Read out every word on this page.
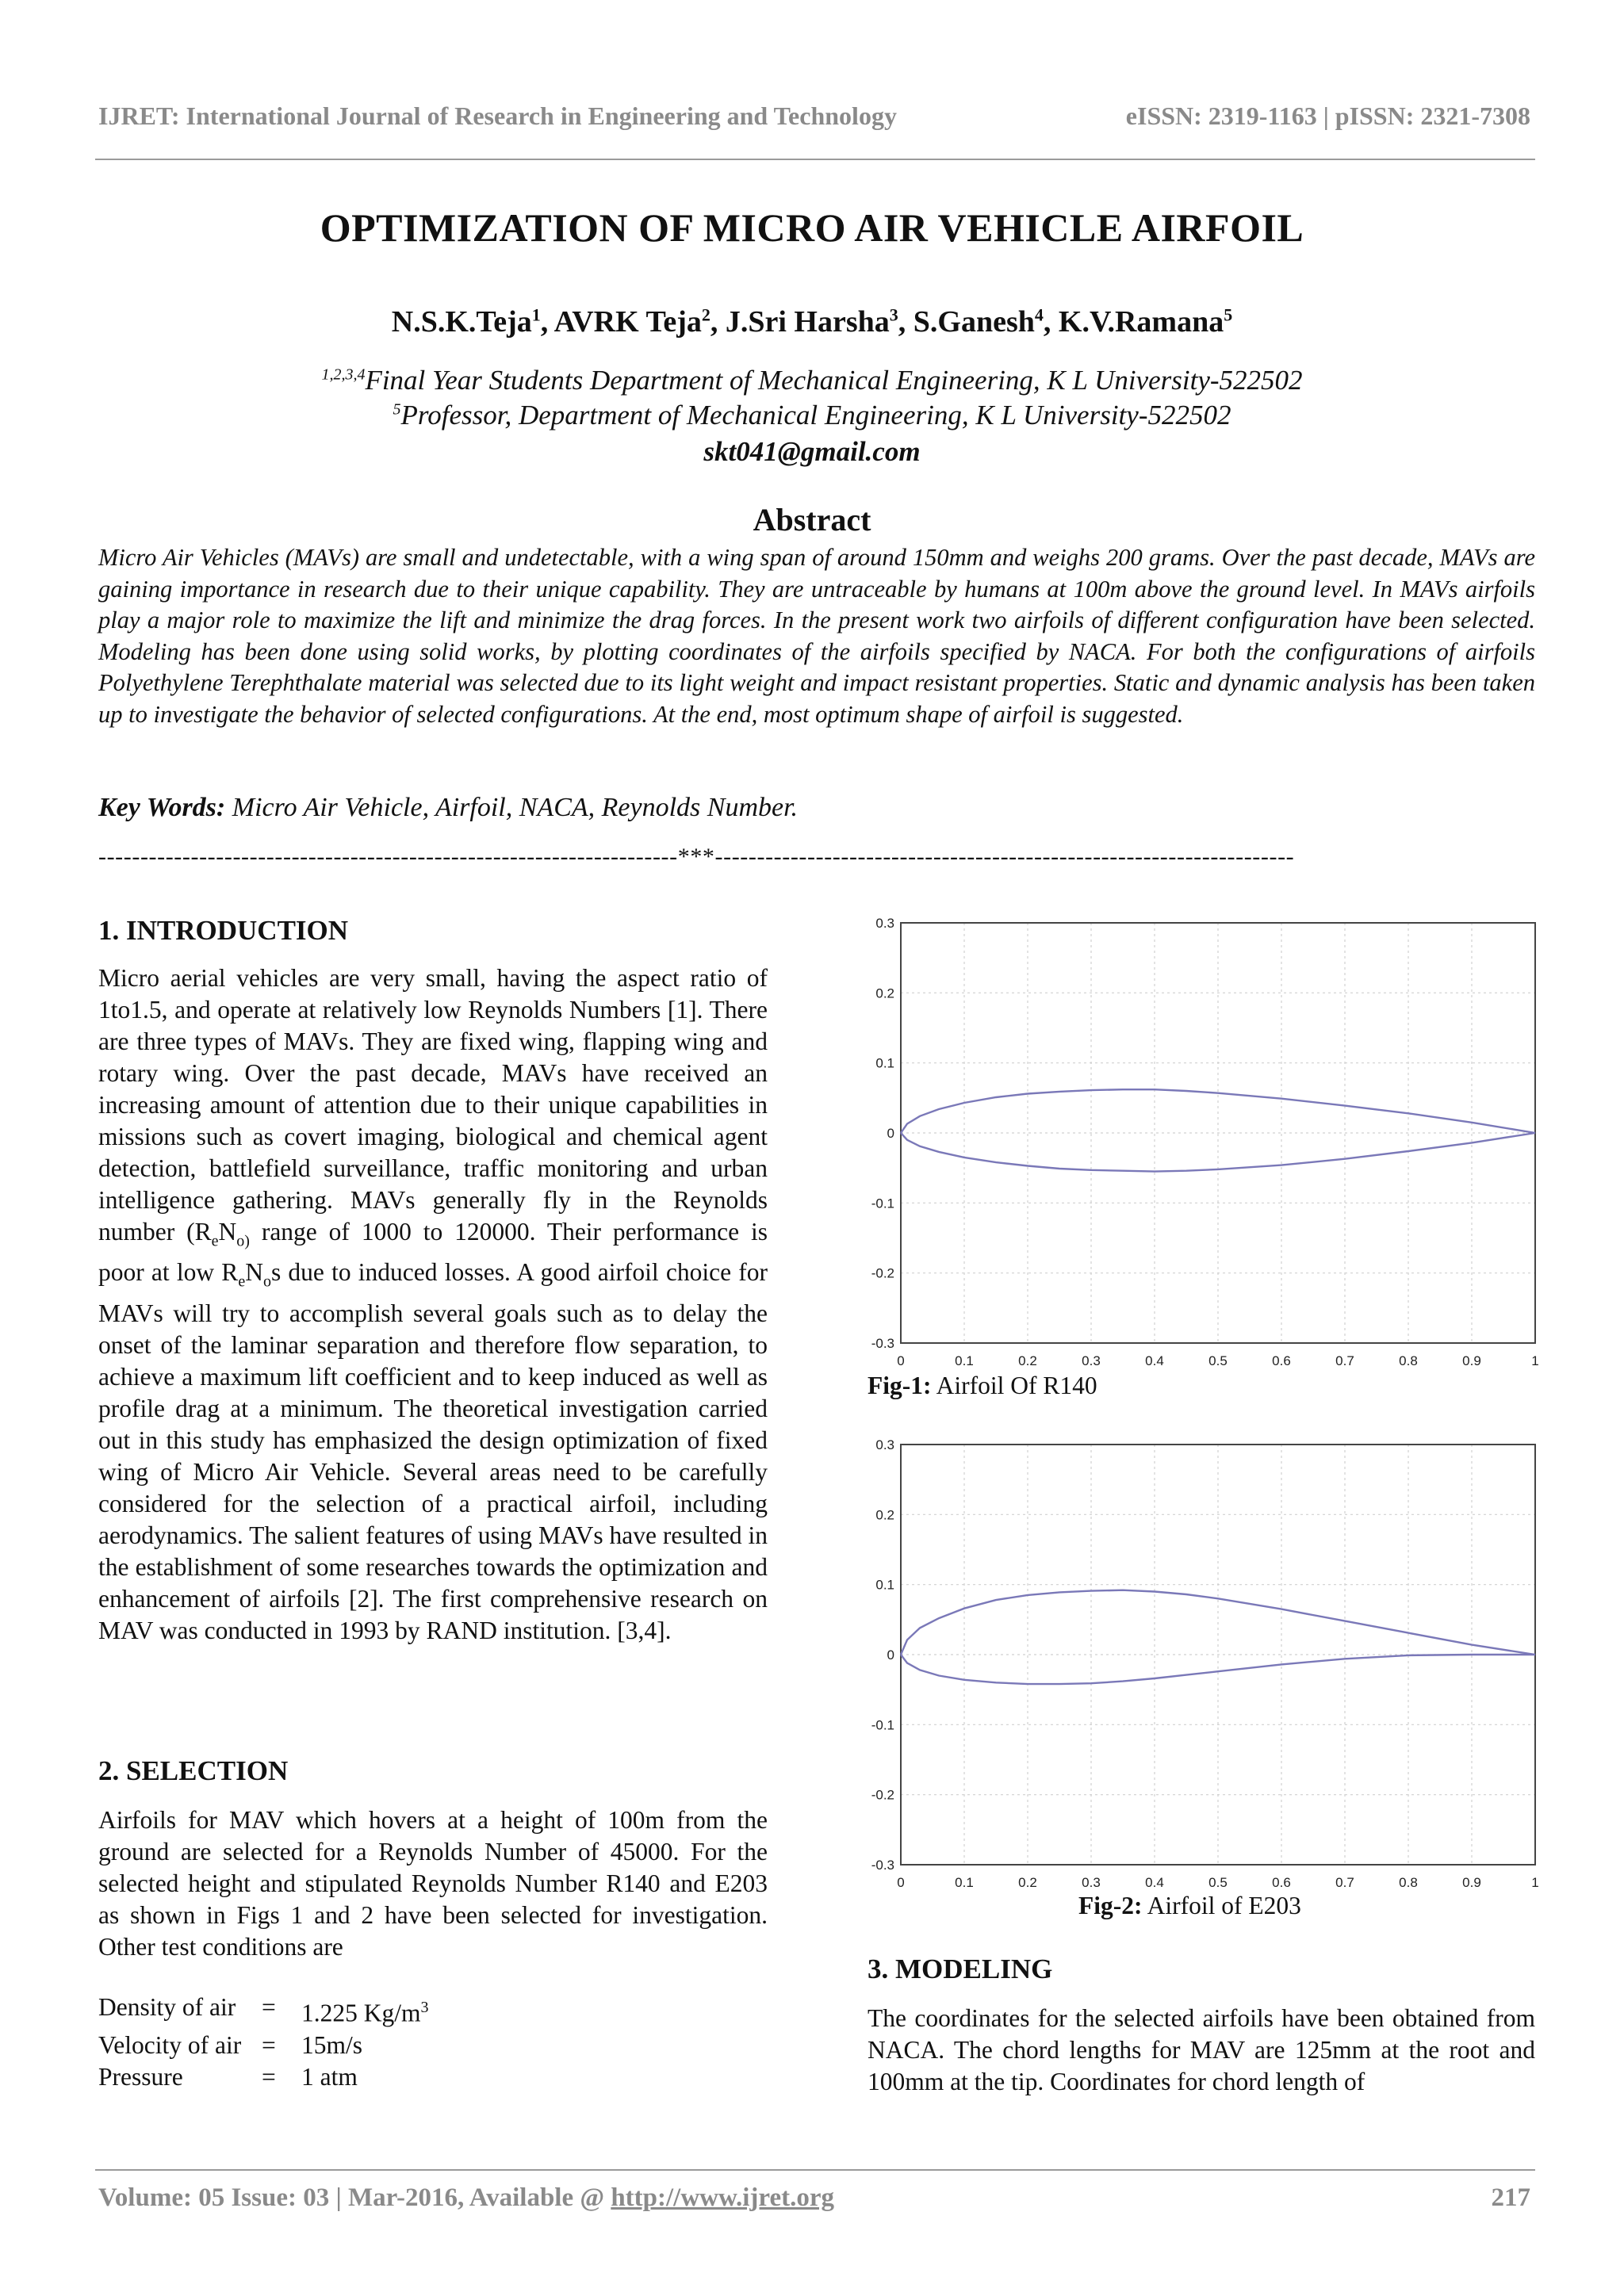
IJRET: International Journal of Research in Engineering and Technology	eISSN: 2319-1163 | pISSN: 2321-7308
OPTIMIZATION OF MICRO AIR VEHICLE AIRFOIL
N.S.K.Teja$^1$, AVRK Teja$^2$, J.Sri Harsha$^3$, S.Ganesh$^4$, K.V.Ramana$^5$
$^{1,2,3,4}$Final Year Students Department of Mechanical Engineering, K L University-522502
$^5$Professor, Department of Mechanical Engineering, K L University-522502
skt041@gmail.com
Abstract
Micro Air Vehicles (MAVs) are small and undetectable, with a wing span of around 150mm and weighs 200 grams. Over the past decade, MAVs are gaining importance in research due to their unique capability. They are untraceable by humans at 100m above the ground level. In MAVs airfoils play a major role to maximize the lift and minimize the drag forces. In the present work two airfoils of different configuration have been selected. Modeling has been done using solid works, by plotting coordinates of the airfoils specified by NACA. For both the configurations of airfoils Polyethylene Terephthalate material was selected due to its light weight and impact resistant properties. Static and dynamic analysis has been taken up to investigate the behavior of selected configurations. At the end, most optimum shape of airfoil is suggested.
Key Words: Micro Air Vehicle, Airfoil, NACA, Reynolds Number.
---------------------------------------------------------------------***---------------------------------------------------------------------
1. INTRODUCTION
Micro aerial vehicles are very small, having the aspect ratio of 1to1.5, and operate at relatively low Reynolds Numbers [1]. There are three types of MAVs. They are fixed wing, flapping wing and rotary wing. Over the past decade, MAVs have received an increasing amount of attention due to their unique capabilities in missions such as covert imaging, biological and chemical agent detection, battlefield surveillance, traffic monitoring and urban intelligence gathering. MAVs generally fly in the Reynolds number ($R_eN_{o)}$ range of 1000 to 120000. Their performance is poor at low $R_eN_os$ due to induced losses. A good airfoil choice for MAVs will try to accomplish several goals such as to delay the onset of the laminar separation and therefore flow separation, to achieve a maximum lift coefficient and to keep induced as well as profile drag at a minimum. The theoretical investigation carried out in this study has emphasized the design optimization of fixed wing of Micro Air Vehicle. Several areas need to be carefully considered for the selection of a practical airfoil, including aerodynamics. The salient features of using MAVs have resulted in the establishment of some researches towards the optimization and enhancement of airfoils [2]. The first comprehensive research on MAV was conducted in 1993 by RAND institution. [3,4].
2. SELECTION
Airfoils for MAV which hovers at a height of 100m from the ground are selected for a Reynolds Number of 45000. For the selected height and stipulated Reynolds Number R140 and E203 as shown in Figs 1 and 2 have been selected for investigation. Other test conditions are
Density of air	=	1.225 $Kg/m^3$
Velocity of air	=	15m/s
Pressure	=	1 atm
0	0.1	0.2	0.3	0.4	0.5	0.6	0.7	0.8	0.9	1
0.3
0.2
0.1
0
-0.1
-0.2
-0.3
Fig-1: Airfoil Of R140
0	0.1	0.2	0.3	0.4	0.5	0.6	0.7	0.8	0.9	1
0.3
0.2
0.1
0
-0.1
-0.2
-0.3
Fig-2: Airfoil of E203
3. MODELING
The coordinates for the selected airfoils have been obtained from NACA. The chord lengths for MAV are 125mm at the root and 100mm at the tip. Coordinates for chord length of
Volume: 05 Issue: 03 | Mar-2016, Available @ http://www.ijret.org	217
